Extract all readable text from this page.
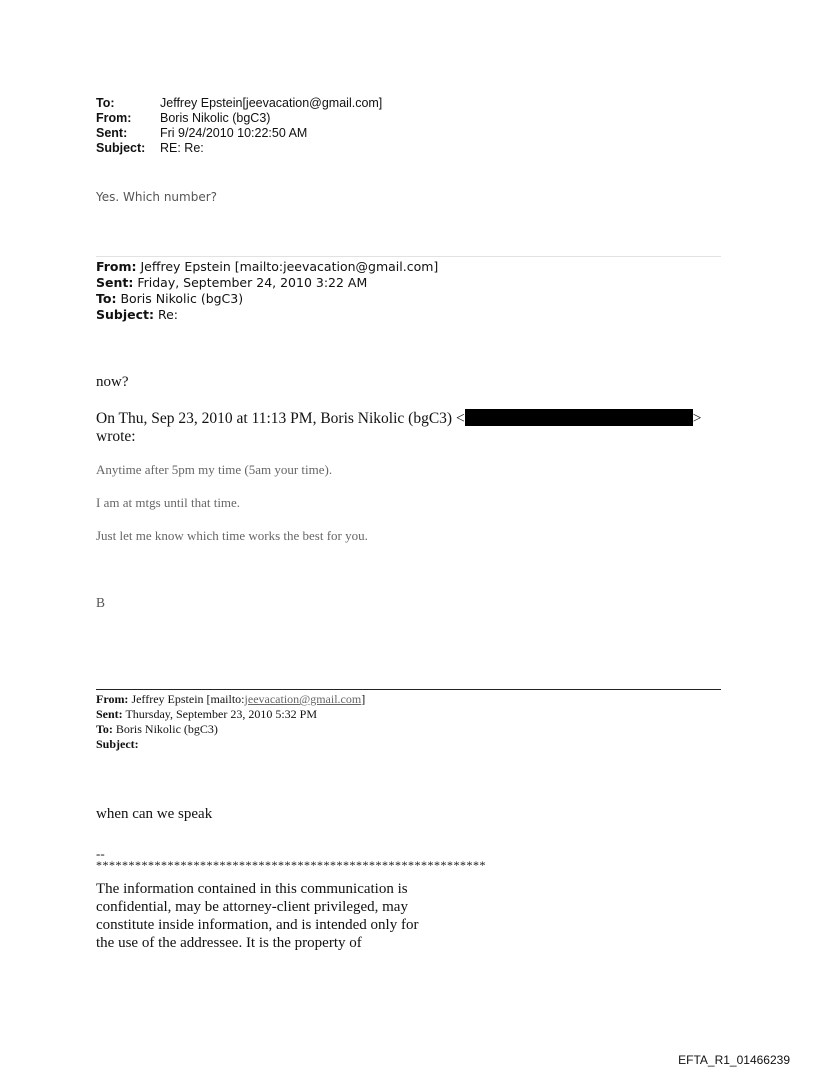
To:	Jeffrey Epstein[jeevacation@gmail.com]
From:	Boris Nikolic (bgC3)
Sent:	Fri 9/24/2010 10:22:50 AM
Subject:	RE: Re:
Yes. Which number?
From: Jeffrey Epstein [mailto:jeevacation@gmail.com]
Sent: Friday, September 24, 2010 3:22 AM
To: Boris Nikolic (bgC3)
Subject: Re:
now?
On Thu, Sep 23, 2010 at 11:13 PM, Boris Nikolic (bgC3) <	>
wrote:
Anytime after 5pm my time (5am your time).
I am at mtgs until that time.
Just let me know which time works the best for you.
B
From: Jeffrey Epstein [mailto:jeevacation@gmail.com]
Sent: Thursday, September 23, 2010 5:32 PM
To: Boris Nikolic (bgC3)
Subject:
when can we speak
--
************************************************************
The information contained in this communication is
confidential, may be attorney-client privileged, may
constitute inside information, and is intended only for
the use of the addressee. It is the property of
EFTA_R1_01466239
